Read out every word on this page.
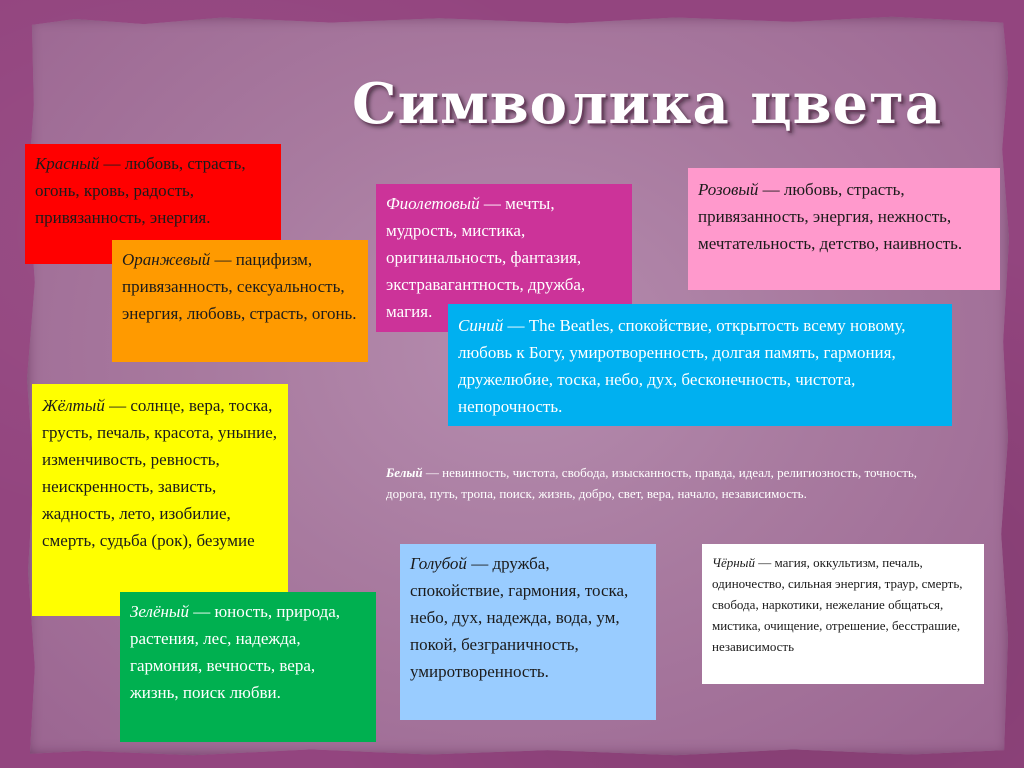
Символика цвета
Красный — любовь, страсть, огонь, кровь, радость, привязанность, энергия.
Фиолетовый — мечты, мудрость, мистика, оригинальность, фантазия, экстравагантность, дружба, магия.
Розовый — любовь, страсть, привязанность, энергия, нежность, мечтательность, детство, наивность.
Оранжевый — пацифизм, привязанность, сексуальность, энергия, любовь, страсть, огонь.
Синий — The Beatles, спокойствие, открытость всему новому, любовь к Богу, умиротворенность, долгая память, гармония, дружелюбие, тоска, небо, дух, бесконечность, чистота, непорочность.
Жёлтый — солнце, вера, тоска, грусть, печаль, красота, уныние, изменчивость, ревность, неискренность, зависть, жадность, лето, изобилие, смерть, судьба (рок), безумие
Белый — невинность, чистота, свобода, изысканность, правда, идеал, религиозность, точность, дорога, путь, тропа, поиск, жизнь, добро, свет, вера, начало, независимость.
Зелёный — юность, природа, растения, лес, надежда, гармония, вечность, вера, жизнь, поиск любви.
Голубой — дружба, спокойствие, гармония, тоска, небо, дух, надежда, вода, ум, покой, безграничность, умиротворенность.
Чёрный — магия, оккультизм, печаль, одиночество, сильная энергия, траур, смерть, свобода, наркотики, нежелание общаться, мистика, очищение, отрешение, бесстрашие, независимость
